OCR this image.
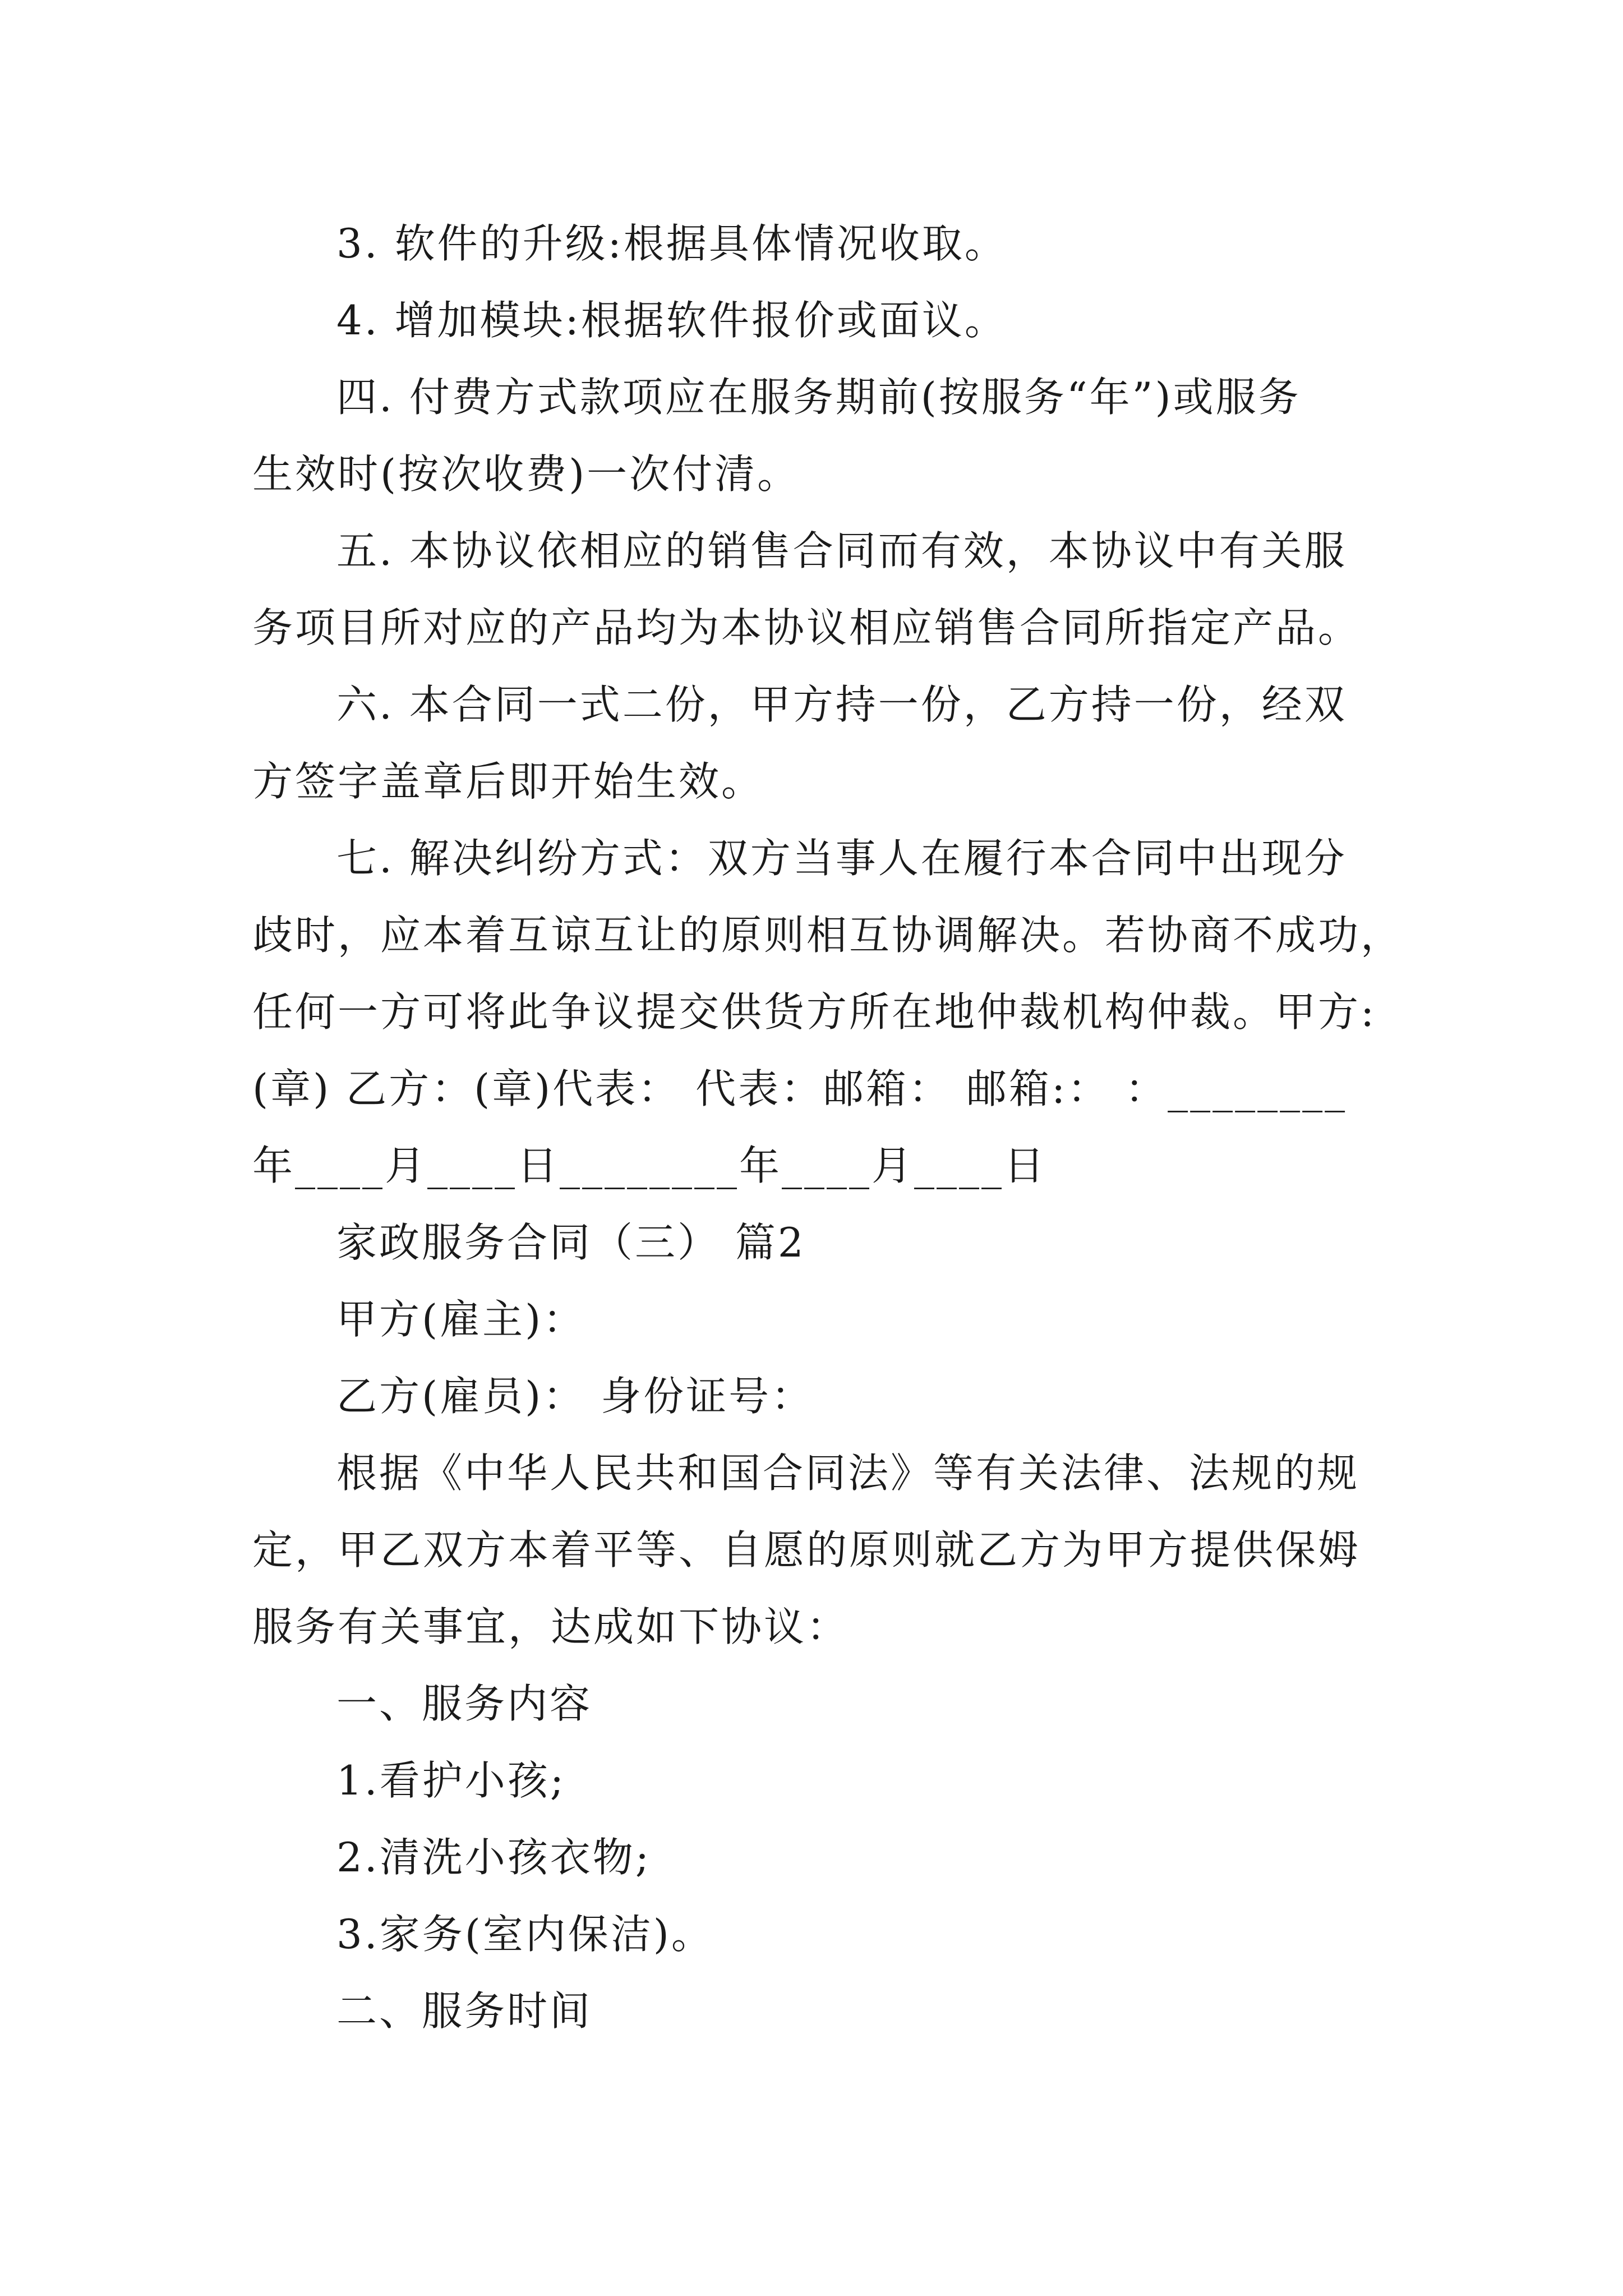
3. 软件的升级:根据具体情况收取。
4. 增加模块:根据软件报价或面议。
四. 付费方式款项应在服务期前(按服务“年”)或服务
生效时(按次收费)一次付清。
五. 本协议依相应的销售合同而有效，本协议中有关服
务项目所对应的产品均为本协议相应销售合同所指定产品。
六. 本合同一式二份，甲方持一份，乙方持一份，经双
方签字盖章后即开始生效。
七. 解决纠纷方式：双方当事人在履行本合同中出现分
歧时，应本着互谅互让的原则相互协调解决。若协商不成功，
任何一方可将此争议提交供货方所在地仲裁机构仲裁。甲方:
(章) 乙方：(章)代表： 代表：邮箱： 邮箱:： ：________
年____月____日________年____月____日
家政服务合同（三） 篇2
甲方(雇主)：
乙方(雇员)： 身份证号：
根据《中华人民共和国合同法》等有关法律、法规的规
定，甲乙双方本着平等、自愿的原则就乙方为甲方提供保姆
服务有关事宜，达成如下协议：
一、服务内容
1.看护小孩;
2.清洗小孩衣物;
3.家务(室内保洁)。
二、服务时间
